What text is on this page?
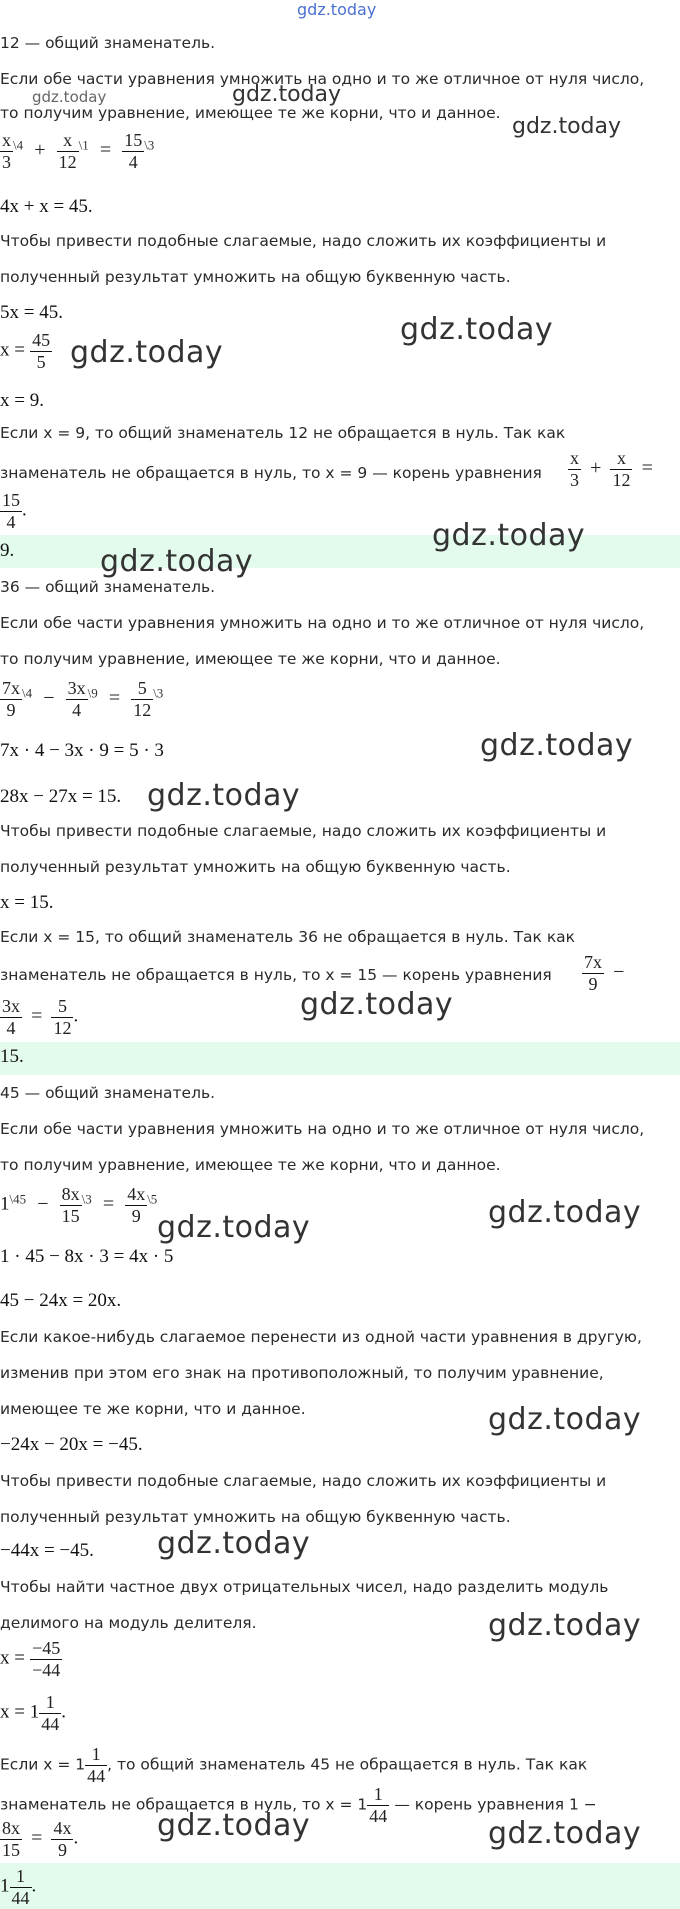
gdz.today
gdz.today	gdz.today
gdz.today
gdz.today
gdz.today
gdz.today
gdz.today
gdz.today
gdz.today
gdz.today
gdz.today
gdz.today
gdz.today
gdz.today
gdz.today
gdz.today	gdz.today
12 — общий знаменатель.
Если обе части уравнения умножить на одно и то же отличное от нуля число,
то получим уравнение, имеющее те же корни, что и данное.
$\frac{x}{3} ^{\backslash 4} + \frac{x}{12} ^{\backslash 1} = \frac{15}{4} ^{\backslash 3}$
4x + x = 45.
Чтобы привести подобные слагаемые, надо сложить их коэффициенты и
полученный результат умножить на общую буквенную часть.
5x = 45.
$x = \frac{45}{5}$
x = 9.
Если x = 9, то общий знаменатель 12 не обращается в нуль. Так как
знаменатель не обращается в нуль, то x = 9 — корень уравнения $\frac{x}{3} + \frac{x}{12}$ =
$\frac{15}{4}$ .
9.
36 — общий знаменатель.
Если обе части уравнения умножить на одно и то же отличное от нуля число,
то получим уравнение, имеющее те же корни, что и данное.
$\frac{7x}{9} ^{\backslash 4} - \frac{3x}{4} ^{\backslash 9} = \frac{5}{12} ^{\backslash 3}$
7x · 4 − 3x · 9 = 5 · 3
28x − 27x = 15.
Чтобы привести подобные слагаемые, надо сложить их коэффициенты и
полученный результат умножить на общую буквенную часть.
x = 15.
Если x = 15, то общий знаменатель 36 не обращается в нуль. Так как
знаменатель не обращается в нуль, то x = 15 — корень уравнения $\frac{7x}{9}$ −
$\frac{3x}{4} = \frac{5}{12}$ .
15.
45 — общий знаменатель.
Если обе части уравнения умножить на одно и то же отличное от нуля число,
то получим уравнение, имеющее те же корни, что и данное.
$1^{\backslash 45} - \frac{8x}{15} ^{\backslash 3} = \frac{4x}{9} ^{\backslash 5}$
1 · 45 − 8x · 3 = 4x · 5
45 − 24x = 20x.
Если какое-нибудь слагаемое перенести из одной части уравнения в другую,
изменив при этом его знак на противоположный, то получим уравнение,
имеющее те же корни, что и данное.
−24x − 20x = −45.
Чтобы привести подобные слагаемые, надо сложить их коэффициенты и
полученный результат умножить на общую буквенную часть.
−44x = −45.
Чтобы найти частное двух отрицательных чисел, надо разделить модуль
делимого на модуль делителя.
$x = \frac{-45}{-44}$
$x = 1 \frac{1}{44}$ .
Если $x = 1 \frac{1}{44}$ , то общий знаменатель 45 не обращается в нуль. Так как
знаменатель не обращается в нуль, то $x = 1 \frac{1}{44}$ — корень уравнения 1 −
$\frac{8x}{15} = \frac{4x}{9}$ .
$1 \frac{1}{44}$ .
